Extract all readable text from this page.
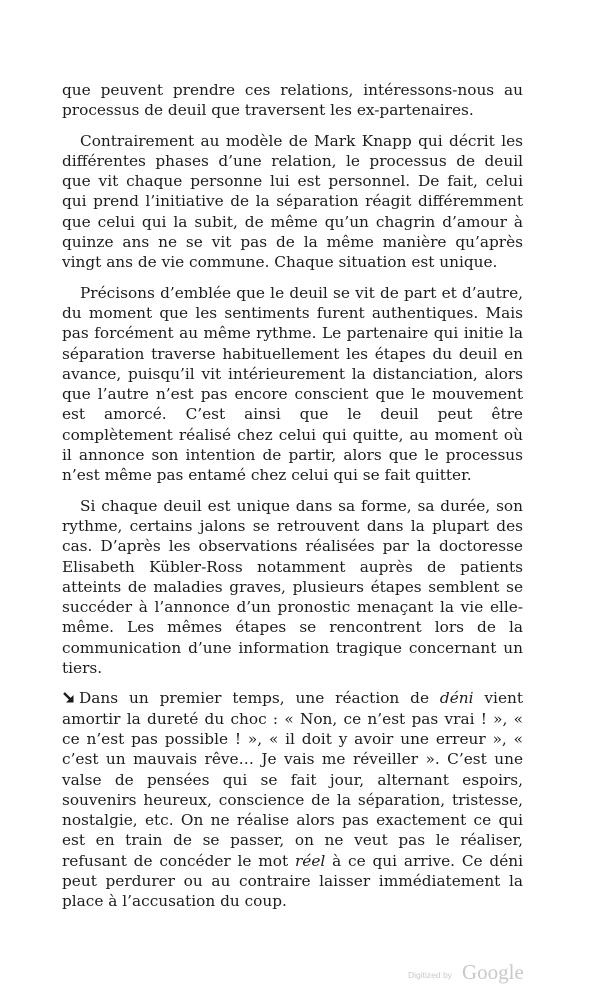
que peuvent prendre ces relations, intéressons-nous au processus de deuil que traversent les ex-partenaires.

Contrairement au modèle de Mark Knapp qui décrit les différentes phases d’une relation, le processus de deuil que vit chaque personne lui est personnel. De fait, celui qui prend l’initiative de la séparation réagit différemment que celui qui la subit, de même qu’un chagrin d’amour à quinze ans ne se vit pas de la même manière qu’après vingt ans de vie commune. Chaque situation est unique.

Précisons d’emblée que le deuil se vit de part et d’autre, du moment que les sentiments furent authentiques. Mais pas forcément au même rythme. Le partenaire qui initie la séparation traverse habituellement les étapes du deuil en avance, puisqu’il vit intérieurement la distanciation, alors que l’autre n’est pas encore conscient que le mouvement est amorcé. C’est ainsi que le deuil peut être complètement réalisé chez celui qui quitte, au moment où il annonce son intention de partir, alors que le processus n’est même pas entamé chez celui qui se fait quitter.

Si chaque deuil est unique dans sa forme, sa durée, son rythme, certains jalons se retrouvent dans la plupart des cas. D’après les observations réalisées par la doctoresse Elisabeth Kübler-Ross notamment auprès de patients atteints de maladies graves, plusieurs étapes semblent se succéder à l’annonce d’un pronostic menaçant la vie elle-même. Les mêmes étapes se rencontrent lors de la communication d’une information tragique concernant un tiers.

Dans un premier temps, une réaction de déni vient amortir la dureté du choc : « Non, ce n’est pas vrai ! », « ce n’est pas possible ! », « il doit y avoir une erreur », « c’est un mauvais rêve… Je vais me réveiller ». C’est une valse de pensées qui se fait jour, alternant espoirs, souvenirs heureux, conscience de la séparation, tristesse, nostalgie, etc. On ne réalise alors pas exactement ce qui est en train de se passer, on ne veut pas le réaliser, refusant de concéder le mot réel à ce qui arrive. Ce déni peut perdurer ou au contraire laisser immédiatement la place à l’accusation du coup.

Digitized by Google
